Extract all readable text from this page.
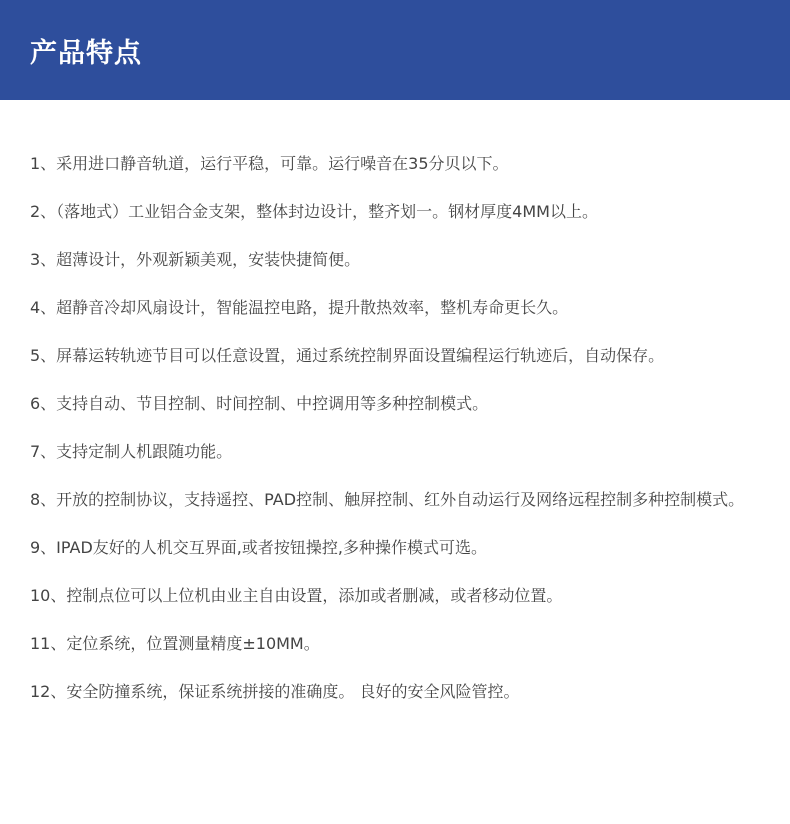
产品特点
1、采用进口静音轨道，运行平稳，可靠。运行噪音在35分贝以下。
2、（落地式）工业铝合金支架，整体封边设计，整齐划一。钢材厚度4MM以上。
3、超薄设计，外观新颖美观，安装快捷简便。
4、超静音冷却风扇设计，智能温控电路，提升散热效率，整机寿命更长久。
5、屏幕运转轨迹节目可以任意设置，通过系统控制界面设置编程运行轨迹后，自动保存。
6、支持自动、节目控制、时间控制、中控调用等多种控制模式。
7、支持定制人机跟随功能。
8、开放的控制协议，支持遥控、PAD控制、触屏控制、红外自动运行及网络远程控制多种控制模式。
9、IPAD友好的人机交互界面,或者按钮操控,多种操作模式可选。
10、控制点位可以上位机由业主自由设置，添加或者删减，或者移动位置。
11、定位系统，位置测量精度±10MM。
12、安全防撞系统，保证系统拼接的准确度。 良好的安全风险管控。
